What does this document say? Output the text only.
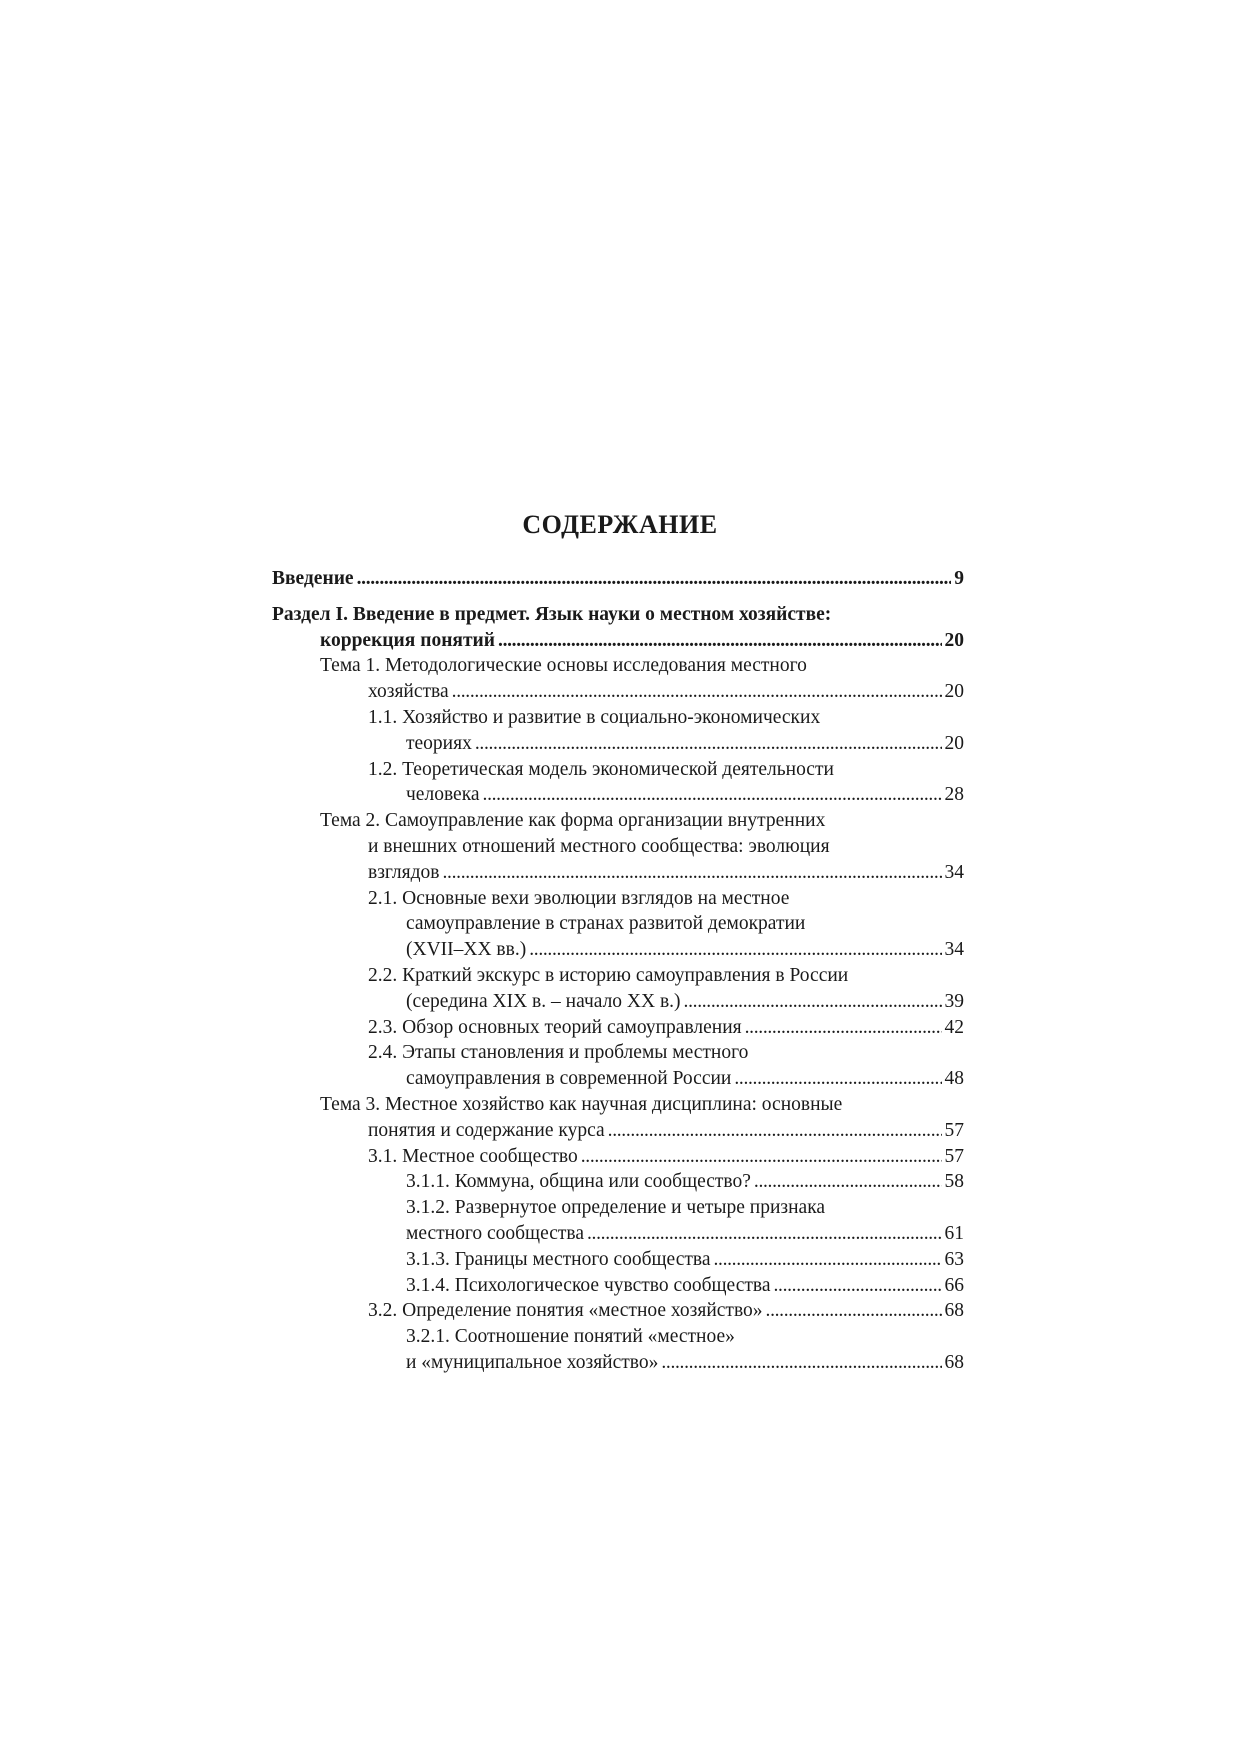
СОДЕРЖАНИЕ
Введение . . .	9
Раздел I. Введение в предмет. Язык науки о местном хозяйстве:
коррекция понятий . . .	20
Тема 1. Методологические основы исследования местного
хозяйства . . .	20
1.1. Хозяйство и развитие в социально-экономических
теориях . . .	20
1.2. Теоретическая модель экономической деятельности
человека . . .	28
Тема 2. Самоуправление как форма организации внутренних
и внешних отношений местного сообщества: эволюция
взглядов . . .	34
2.1. Основные вехи эволюции взглядов на местное
самоуправление в странах развитой демократии
(XVII–XX вв.) . . .	34
2.2. Краткий экскурс в историю самоуправления в России
(середина XIX в. – начало XX в.) . . .	39
2.3. Обзор основных теорий самоуправления . . .	42
2.4. Этапы становления и проблемы местного
самоуправления в современной России . . .	48
Тема 3. Местное хозяйство как научная дисциплина: основные
понятия и содержание курса . . .	57
3.1. Местное сообщество . . .	57
3.1.1. Коммуна, община или сообщество? . . .	58
3.1.2. Развернутое определение и четыре признака
местного сообщества . . .	61
3.1.3. Границы местного сообщества . . .	63
3.1.4. Психологическое чувство сообщества . . .	66
3.2. Определение понятия «местное хозяйство» . . .	68
3.2.1. Соотношение понятий «местное»
и «муниципальное хозяйство» . . .	68
